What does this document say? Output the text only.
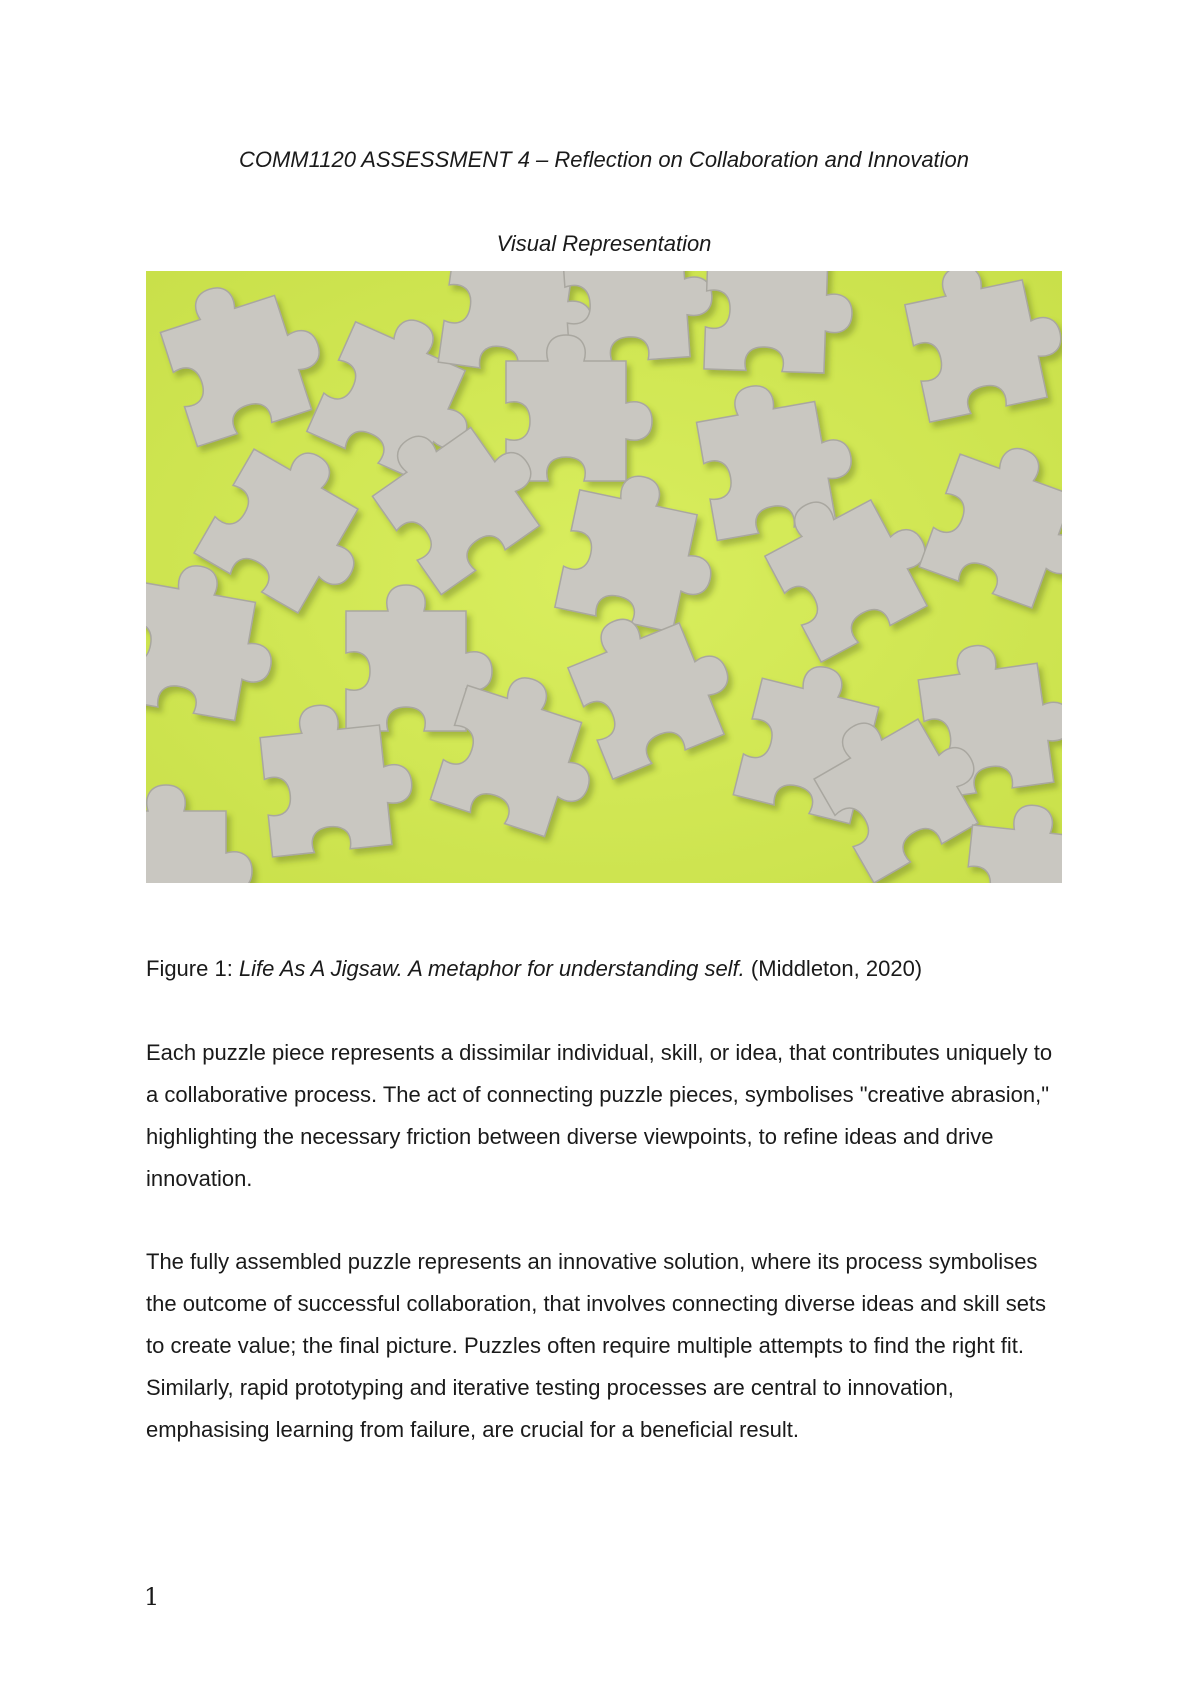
COMM1120 ASSESSMENT 4 – Reflection on Collaboration and Innovation
Visual Representation

Figure 1: Life As A Jigsaw. A metaphor for understanding self. (Middleton, 2020)

Each puzzle piece represents a dissimilar individual, skill, or idea, that contributes uniquely to a collaborative process. The act of connecting puzzle pieces, symbolises "creative abrasion," highlighting the necessary friction between diverse viewpoints, to refine ideas and drive innovation.

The fully assembled puzzle represents an innovative solution, where its process symbolises the outcome of successful collaboration, that involves connecting diverse ideas and skill sets to create value; the final picture. Puzzles often require multiple attempts to find the right fit. Similarly, rapid prototyping and iterative testing processes are central to innovation, emphasising learning from failure, are crucial for a beneficial result.

1
